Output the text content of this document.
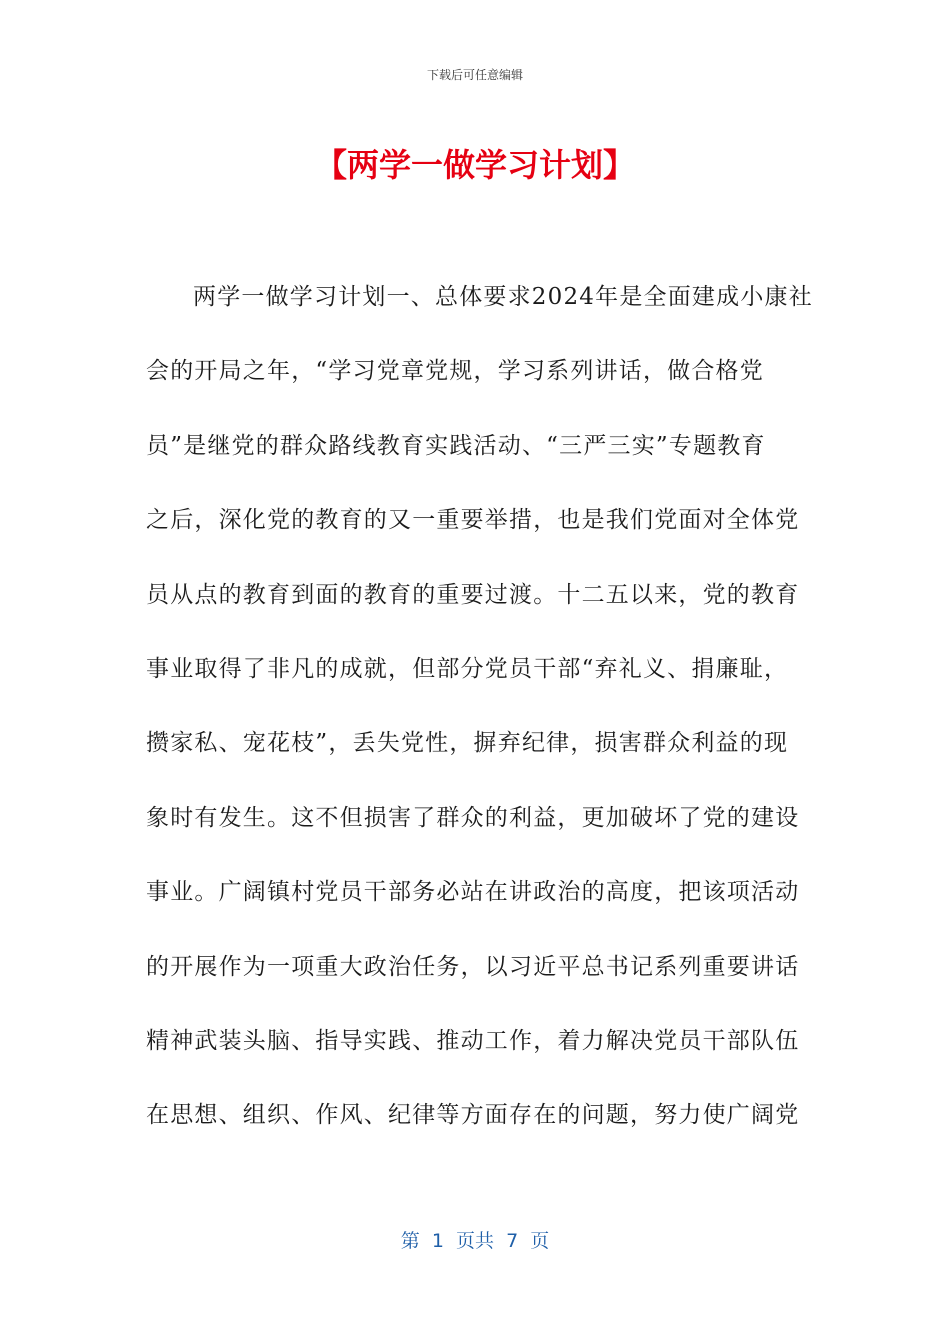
下载后可任意编辑
【两学一做学习计划】
两学一做学习计划一、总体要求2024年是全面建成小康社
会的开局之年，“学习党章党规，学习系列讲话，做合格党
员”是继党的群众路线教育实践活动、“三严三实”专题教育
之后，深化党的教育的又一重要举措，也是我们党面对全体党
员从点的教育到面的教育的重要过渡。十二五以来，党的教育
事业取得了非凡的成就，但部分党员干部“弃礼义、捐廉耻，
攒家私、宠花枝”，丢失党性，摒弃纪律，损害群众利益的现
象时有发生。这不但损害了群众的利益，更加破坏了党的建设
事业。广阔镇村党员干部务必站在讲政治的高度，把该项活动
的开展作为一项重大政治任务，以习近平总书记系列重要讲话
精神武装头脑、指导实践、推动工作，着力解决党员干部队伍
在思想、组织、作风、纪律等方面存在的问题，努力使广阔党
第  1  页共  7  页
